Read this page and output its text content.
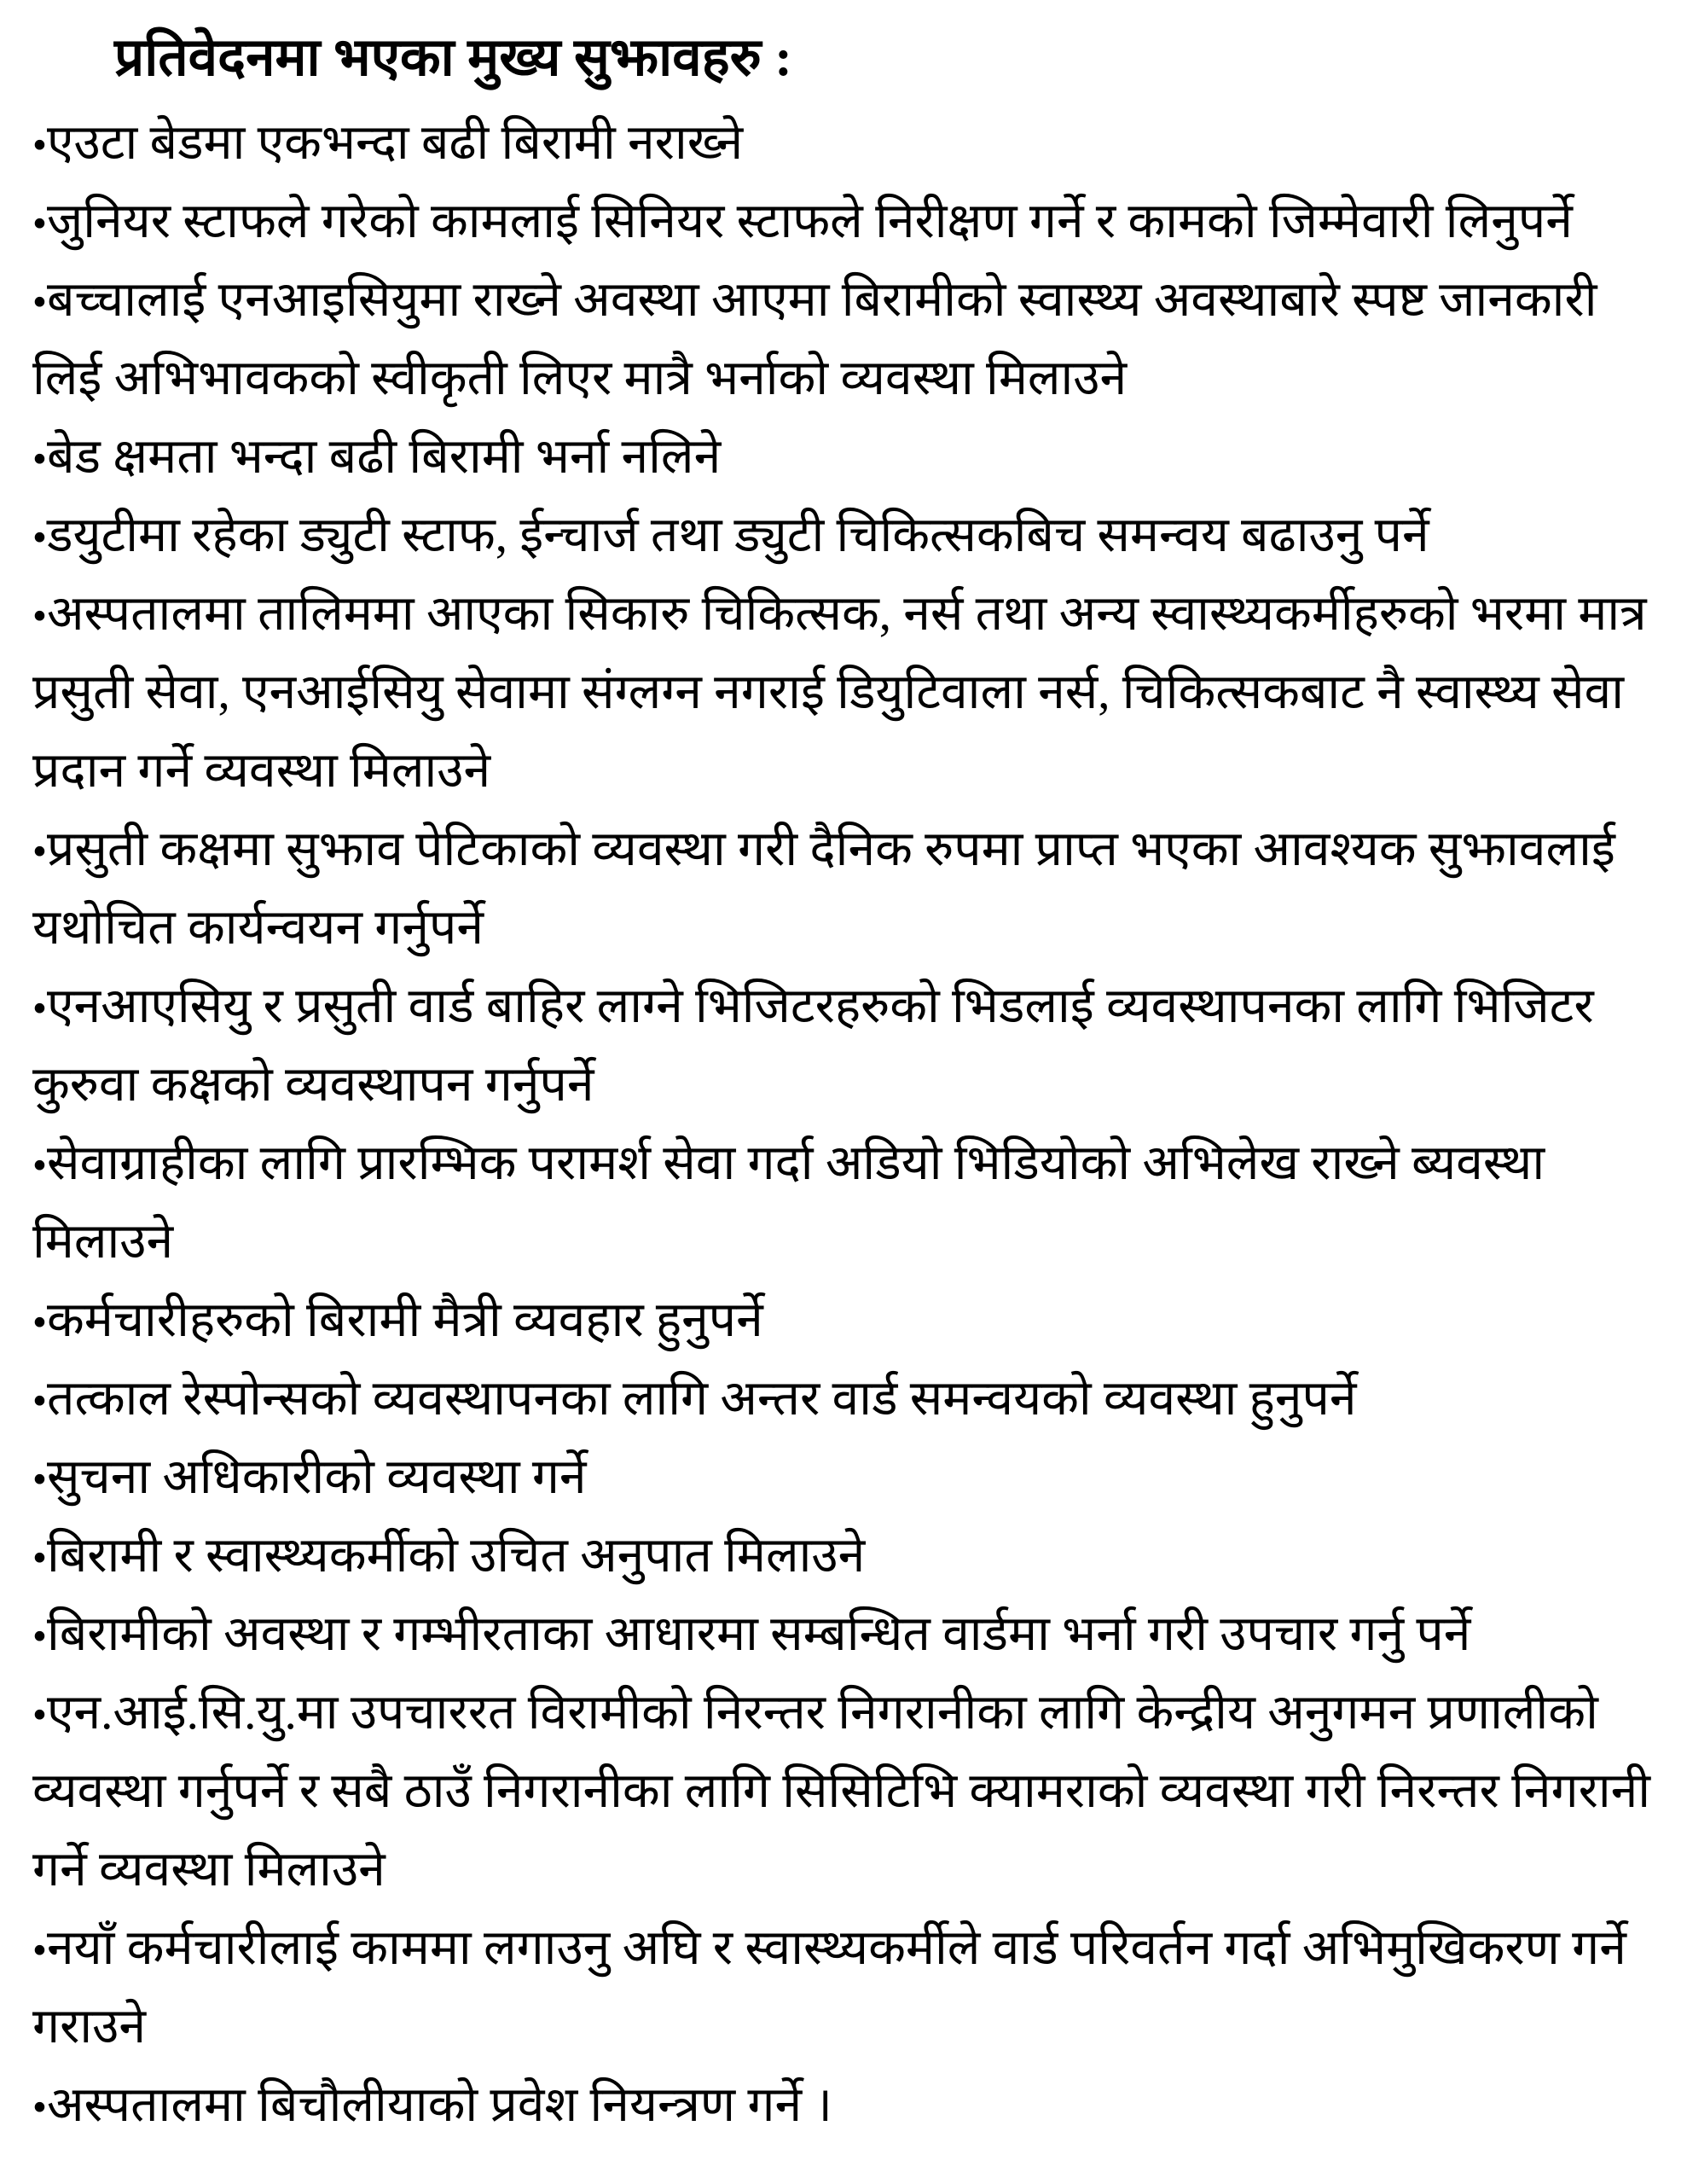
प्रतिवेदनमा भएका मुख्य सुझावहरु :

•एउटा बेडमा एकभन्दा बढी बिरामी नराख्ने

•जुनियर स्टाफले गरेको कामलाई सिनियर स्टाफले निरीक्षण गर्ने र कामको जिम्मेवारी लिनुपर्ने

•बच्चालाई एनआइसियुमा राख्ने अवस्था आएमा बिरामीको स्वास्थ्य अवस्थाबारे स्पष्ट जानकारी लिई अभिभावकको स्वीकृती लिएर मात्रै भर्नाको व्यवस्था मिलाउने

•बेड क्षमता भन्दा बढी बिरामी भर्ना नलिने

•डयुटीमा रहेका ड्युटी स्टाफ, ईन्चार्ज तथा ड्युटी चिकित्सकबिच समन्वय बढाउनु पर्ने

•अस्पतालमा तालिममा आएका सिकारु चिकित्सक, नर्स तथा अन्य स्वास्थ्यकर्मीहरुको भरमा मात्र प्रसुती सेवा, एनआईसियु सेवामा संग्लग्न नगराई डियुटिवाला नर्स, चिकित्सकबाट नै स्वास्थ्य सेवा प्रदान गर्ने व्यवस्था मिलाउने

•प्रसुती कक्षमा सुझाव पेटिकाको व्यवस्था गरी दैनिक रुपमा प्राप्त भएका आवश्यक सुझावलाई यथोचित कार्यन्वयन गर्नुपर्ने

•एनआएसियु र प्रसुती वार्ड बाहिर लाग्ने भिजिटरहरुको भिडलाई व्यवस्थापनका लागि भिजिटर कुरुवा कक्षको व्यवस्थापन गर्नुपर्ने

•सेवाग्राहीका लागि प्रारम्भिक परामर्श सेवा गर्दा अडियो भिडियोको अभिलेख राख्ने ब्यवस्था मिलाउने

•कर्मचारीहरुको बिरामी मैत्री व्यवहार हुनुपर्ने

•तत्काल रेस्पोन्सको व्यवस्थापनका लागि अन्तर वार्ड समन्वयको व्यवस्था हुनुपर्ने

•सुचना अधिकारीको व्यवस्था गर्ने

•बिरामी र स्वास्थ्यकर्मीको उचित अनुपात मिलाउने

•बिरामीको अवस्था र गम्भीरताका आधारमा सम्बन्धित वार्डमा भर्ना गरी उपचार गर्नु पर्ने

•एन.आई.सि.यु.मा उपचाररत विरामीको निरन्तर निगरानीका लागि केन्द्रीय अनुगमन प्रणालीको व्यवस्था गर्नुपर्ने र सबै ठाउँ निगरानीका लागि सिसिटिभि क्यामराको व्यवस्था गरी निरन्तर निगरानी गर्ने व्यवस्था मिलाउने

•नयाँ कर्मचारीलाई काममा लगाउनु अघि र स्वास्थ्यकर्मीले वार्ड परिवर्तन गर्दा अभिमुखिकरण गर्ने गराउने

•अस्पतालमा बिचौलीयाको प्रवेश नियन्त्रण गर्ने ।
